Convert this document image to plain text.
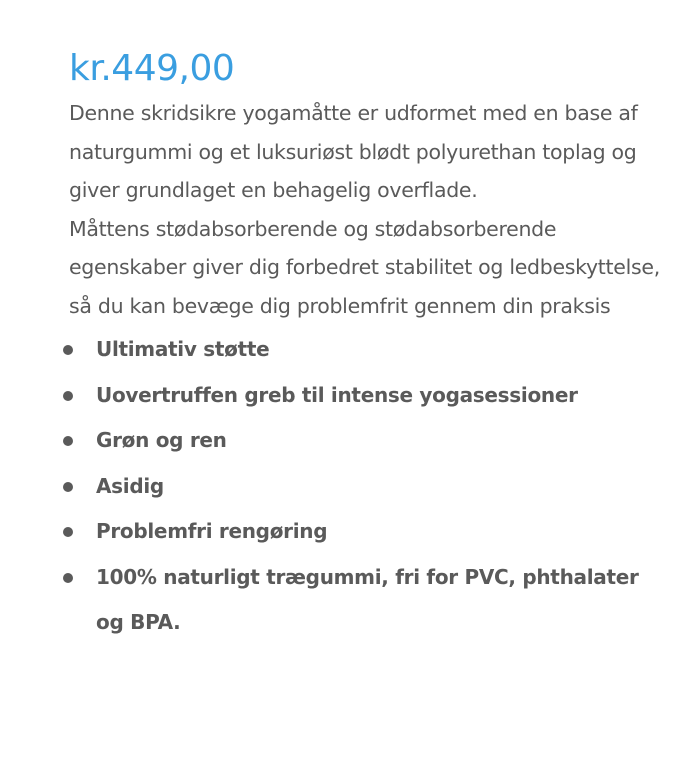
kr.449,00

Denne skridsikre yogamåtte er udformet med en base af naturgummi og et luksuriøst blødt polyurethan toplag og giver grundlaget en behagelig overflade.

Måttens stødabsorberende og stødabsorberende egenskaber giver dig forbedret stabilitet og ledbeskyttelse, så du kan bevæge dig problemfrit gennem din praksis

Ultimativ støtte
Uovertruffen greb til intense yogasessioner
Grøn og ren
Asidig
Problemfri rengøring
100% naturligt trægummi, fri for PVC, phthalater og BPA.
